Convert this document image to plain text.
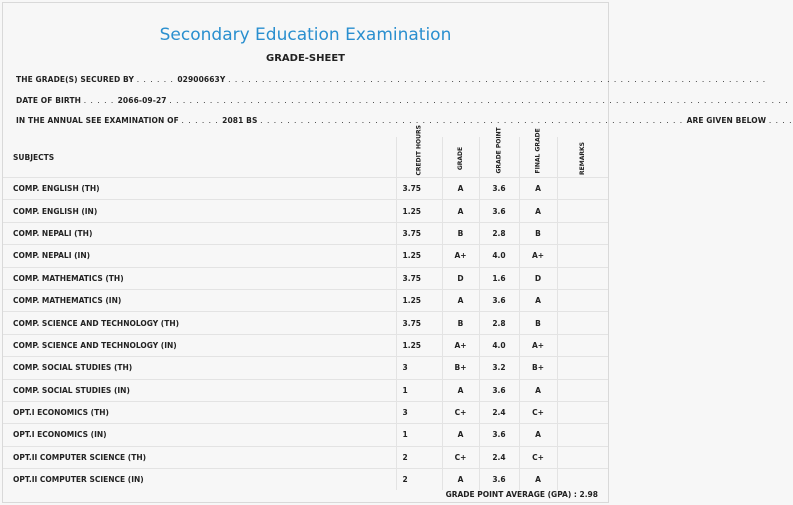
Secondary Education Examination
GRADE-SHEET
THE GRADE(S) SECURED BY . . . . . . 02900663Y . . . . . . . . . . . . . . . . . . . . . . . . . . . . . . . . . . . . . . . . . . . . . . . . . . . . . . . . . . . . . . . . . . . . . . . . . . . . . . . .
DATE OF BIRTH . . . . . 2066-09-27 . . . . . . . . . . . . . . . . . . . . . . . . . . . . . . . . . . . . . . . . . . . . . . . . . . . . . . . . . . . . . . . . . . . . . . . . . . . . . . . . . . . . . . . . . . . .
IN THE ANNUAL SEE EXAMINATION OF . . . . . . 2081 BS . . . . . . . . . . . . . . . . . . . . . . . . . . . . . . . . . . . . . . . . . . . . . . . . . . . . . . . . . . . . . . . ARE GIVEN BELOW . . . .
SUBJECTS	CREDIT HOURS	GRADE	GRADE POINT	FINAL GRADE	REMARKS
COMP. ENGLISH (TH)	3.75	A	3.6	A	
COMP. ENGLISH (IN)	1.25	A	3.6	A	
COMP. NEPALI (TH)	3.75	B	2.8	B	
COMP. NEPALI (IN)	1.25	A+	4.0	A+	
COMP. MATHEMATICS (TH)	3.75	D	1.6	D	
COMP. MATHEMATICS (IN)	1.25	A	3.6	A	
COMP. SCIENCE AND TECHNOLOGY (TH)	3.75	B	2.8	B	
COMP. SCIENCE AND TECHNOLOGY (IN)	1.25	A+	4.0	A+	
COMP. SOCIAL STUDIES (TH)	3	B+	3.2	B+	
COMP. SOCIAL STUDIES (IN)	1	A	3.6	A	
OPT.I ECONOMICS (TH)	3	C+	2.4	C+	
OPT.I ECONOMICS (IN)	1	A	3.6	A	
OPT.II COMPUTER SCIENCE (TH)	2	C+	2.4	C+	
OPT.II COMPUTER SCIENCE (IN)	2	A	3.6	A	
GRADE POINT AVERAGE (GPA) : 2.98
